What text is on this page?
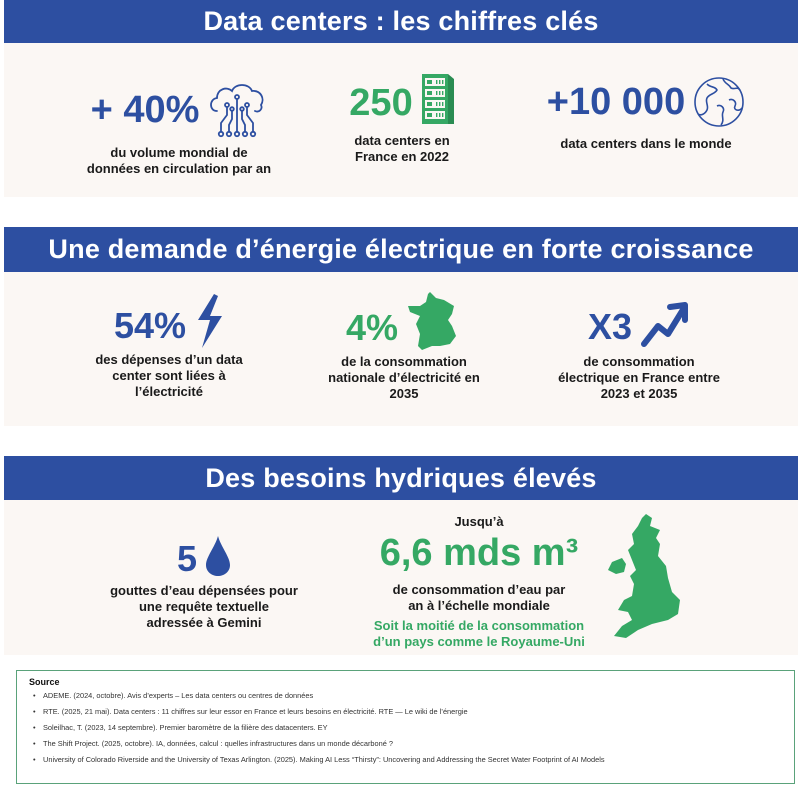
Data centers : les chiffres clés
+ 40%
du volume mondial de
données en circulation par an
250
data centers en
France en 2022
+10 000
data centers dans le monde
Une demande d’énergie électrique en forte croissance
54%
des dépenses d’un data
center sont liées à
l’électricité
4%
de la consommation
nationale d’électricité en
2035
X3
de consommation
électrique en France entre
2023 et 2035
Des besoins hydriques élevés
5
gouttes d’eau dépensées pour
une requête textuelle
adressée à Gemini
Jusqu’à
6,6 mds m³
de consommation d’eau par
an à l’échelle mondiale
Soit la moitié de la consommation
d’un pays comme le Royaume-Uni
Source
• ADEME. (2024, octobre). Avis d’experts – Les data centers ou centres de données
• RTE. (2025, 21 mai). Data centers : 11 chiffres sur leur essor en France et leurs besoins en électricité. RTE — Le wiki de l’énergie
• Soleilhac, T. (2023, 14 septembre). Premier baromètre de la filière des datacenters. EY
• The Shift Project. (2025, octobre). IA, données, calcul : quelles infrastructures dans un monde décarboné ?
• University of Colorado Riverside and the University of Texas Arlington. (2025). Making AI Less “Thirsty”: Uncovering and Addressing the Secret Water Footprint of AI Models
